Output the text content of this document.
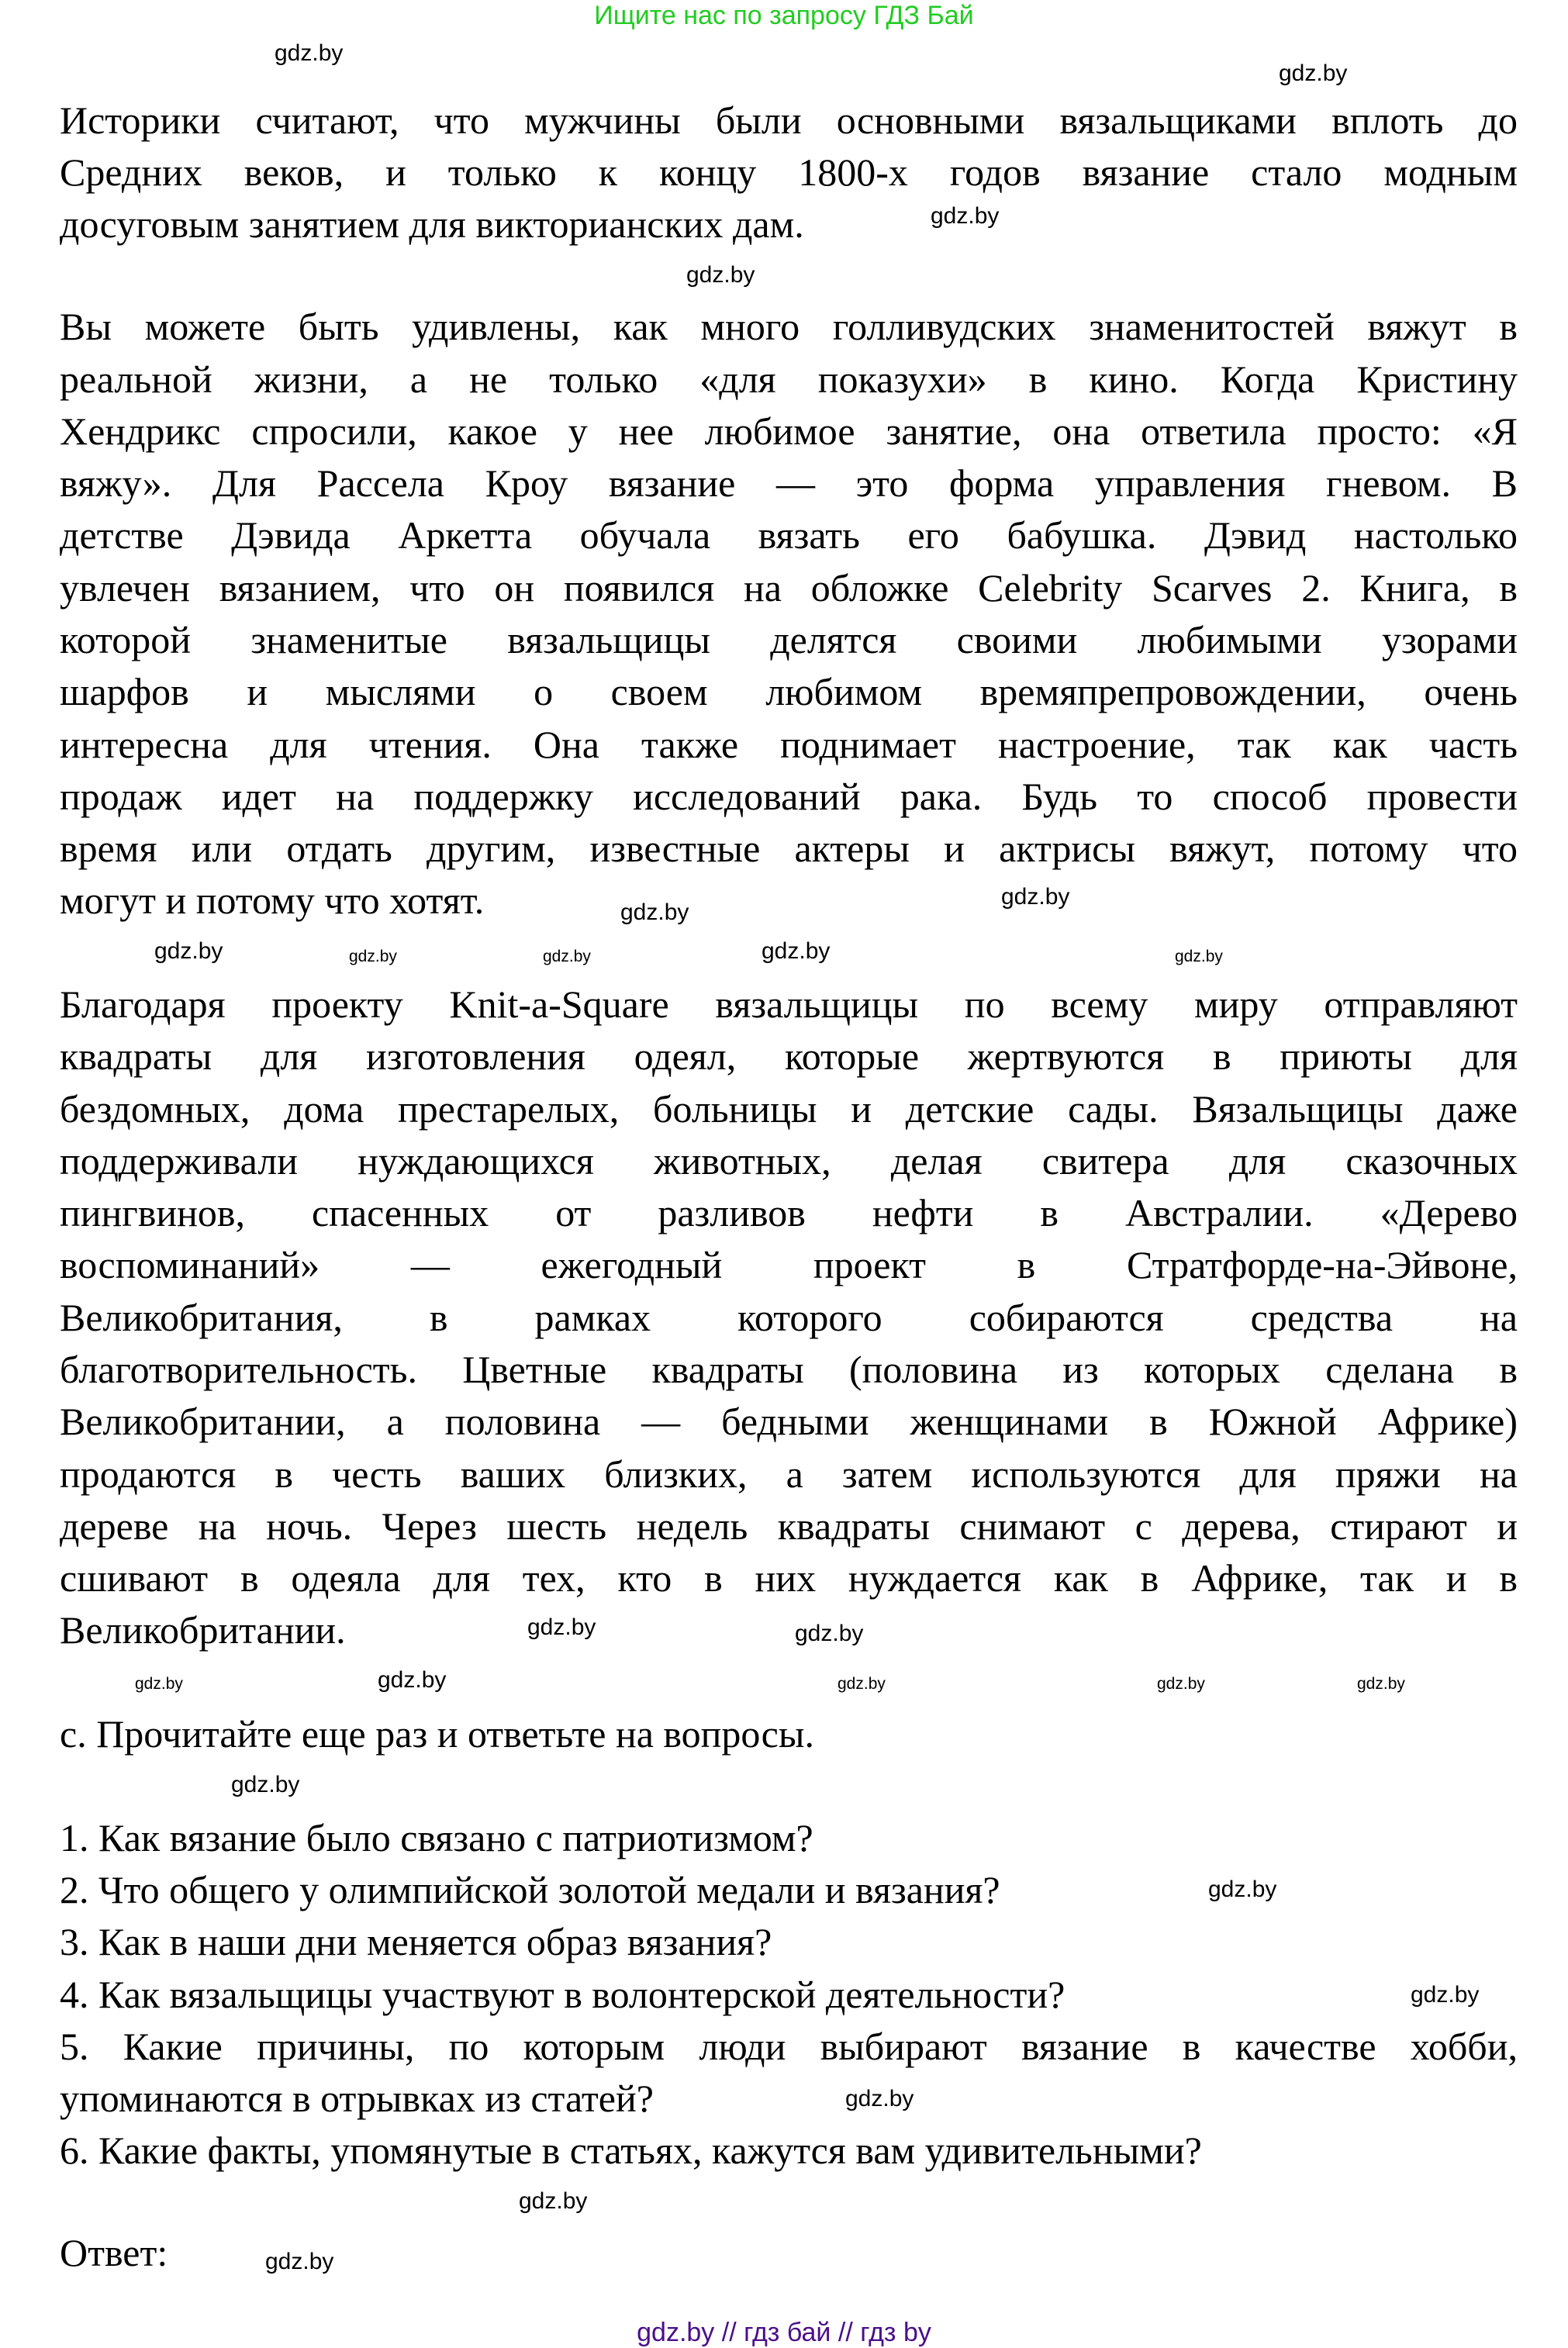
Ищите нас по запросу ГДЗ Бай
Историки считают, что мужчины были основными вязальщиками вплоть до
Средних веков, и только к концу 1800-х годов вязание стало модным
досуговым занятием для викторианских дам.
Вы можете быть удивлены, как много голливудских знаменитостей вяжут в
реальной жизни, а не только «для показухи» в кино. Когда Кристину
Хендрикс спросили, какое у нее любимое занятие, она ответила просто: «Я
вяжу». Для Рассела Кроу вязание — это форма управления гневом. В
детстве Дэвида Аркетта обучала вязать его бабушка. Дэвид настолько
увлечен вязанием, что он появился на обложке Celebrity Scarves 2. Книга, в
которой знаменитые вязальщицы делятся своими любимыми узорами
шарфов и мыслями о своем любимом времяпрепровождении, очень
интересна для чтения. Она также поднимает настроение, так как часть
продаж идет на поддержку исследований рака. Будь то способ провести
время или отдать другим, известные актеры и актрисы вяжут, потому что
могут и потому что хотят.
Благодаря проекту Knit-a-Square вязальщицы по всему миру отправляют
квадраты для изготовления одеял, которые жертвуются в приюты для
бездомных, дома престарелых, больницы и детские сады. Вязальщицы даже
поддерживали нуждающихся животных, делая свитера для сказочных
пингвинов, спасенных от разливов нефти в Австралии. «Дерево
воспоминаний» — ежегодный проект в Стратфорде-на-Эйвоне,
Великобритания, в рамках которого собираются средства на
благотворительность. Цветные квадраты (половина из которых сделана в
Великобритании, а половина — бедными женщинами в Южной Африке)
продаются в честь ваших близких, а затем используются для пряжи на
дереве на ночь. Через шесть недель квадраты снимают с дерева, стирают и
сшивают в одеяла для тех, кто в них нуждается как в Африке, так и в
Великобритании.
c. Прочитайте еще раз и ответьте на вопросы.
1. Как вязание было связано с патриотизмом?
2. Что общего у олимпийской золотой медали и вязания?
3. Как в наши дни меняется образ вязания?
4. Как вязальщицы участвуют в волонтерской деятельности?
5. Какие причины, по которым люди выбирают вязание в качестве хобби,
упоминаются в отрывках из статей?
6. Какие факты, упомянутые в статьях, кажутся вам удивительными?
Ответ:
gdz.by
gdz.by
gdz.by
gdz.by
gdz.by
gdz.by
gdz.by	gdz.by	gdz.by	gdz.by	gdz.by
gdz.by	gdz.by
gdz.by	gdz.by	gdz.by	gdz.by	gdz.by
gdz.by
gdz.by
gdz.by
gdz.by
gdz.by
gdz.by
gdz.by // гдз бай // гдз by
